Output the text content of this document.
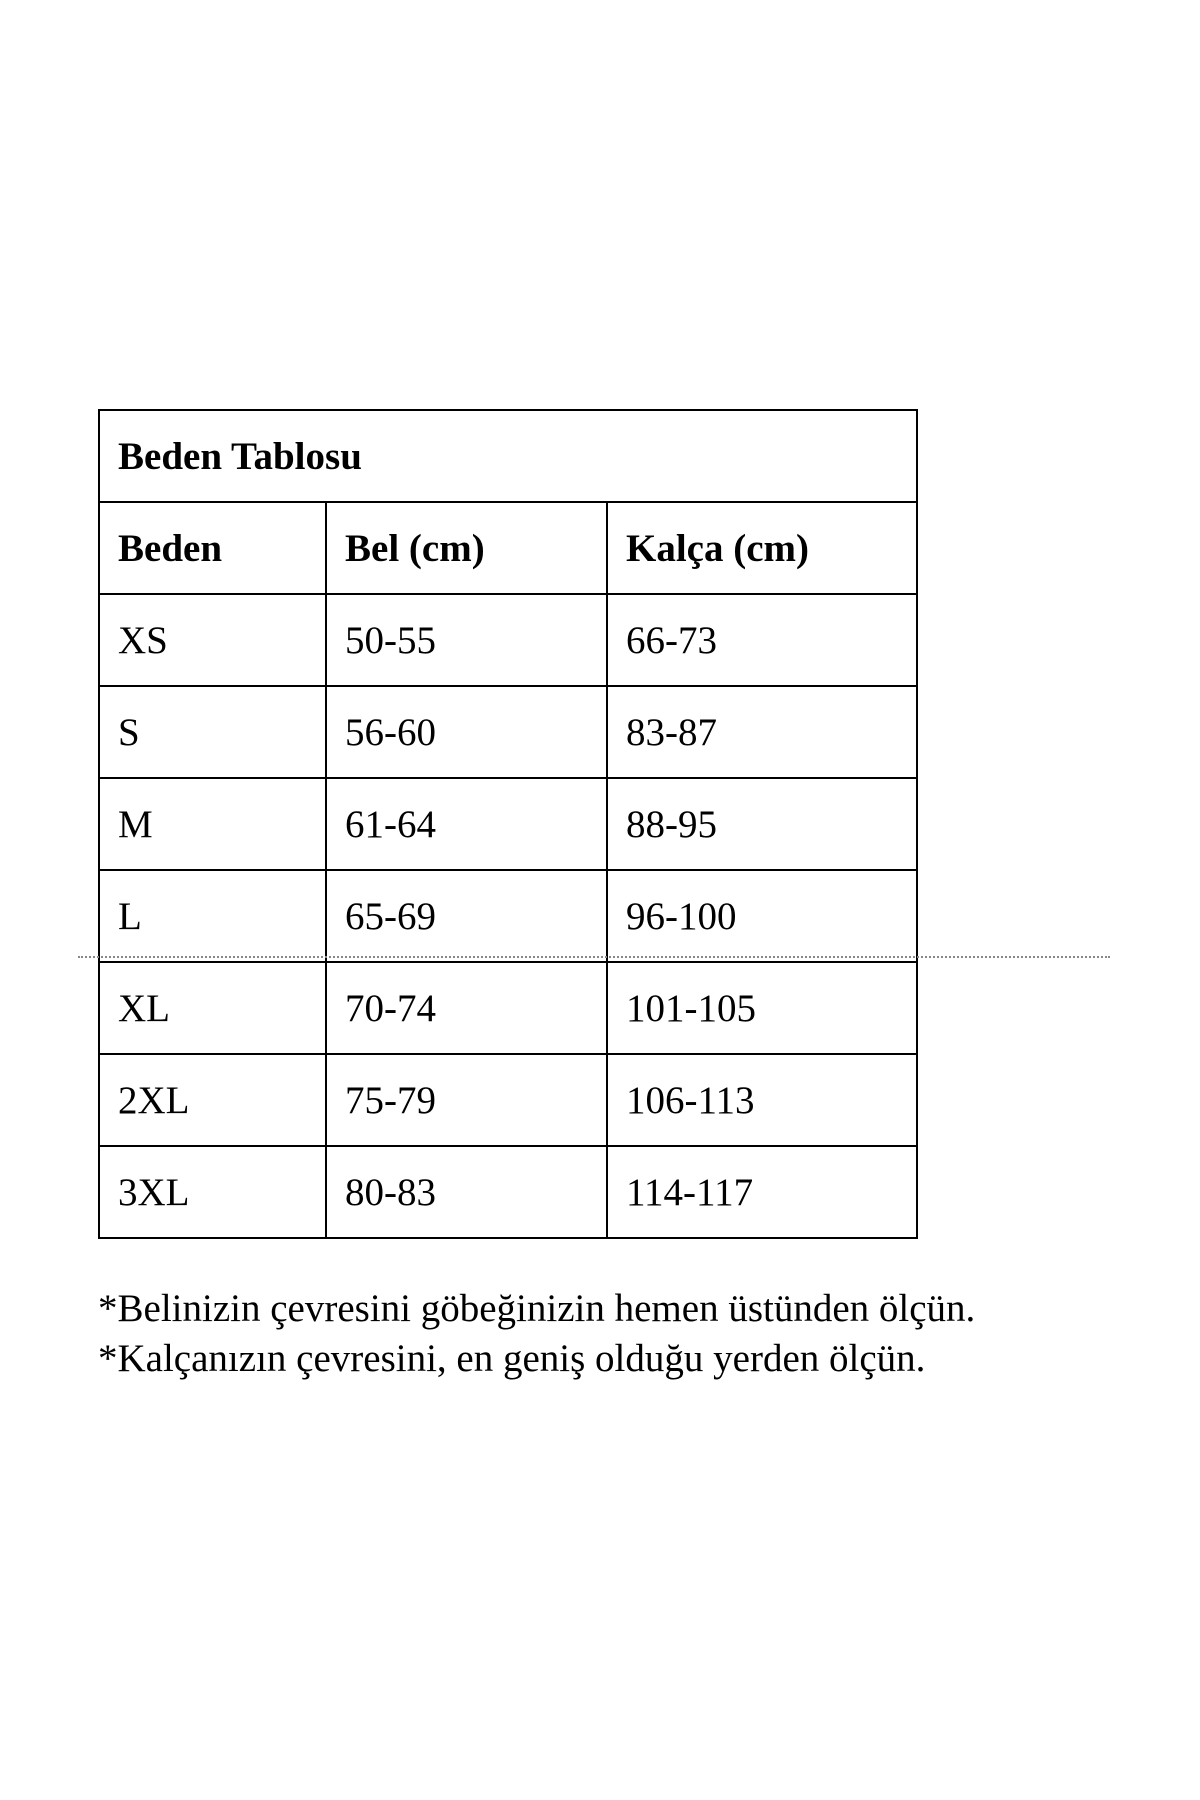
Beden Tablosu		
Beden	Bel (cm)	Kalça (cm)
XS	50-55	66-73
S	56-60	83-87
M	61-64	88-95
L	65-69	96-100
XL	70-74	101-105
2XL	75-79	106-113
3XL	80-83	114-117

*Belinizin çevresini göbeğinizin hemen üstünden ölçün.

*Kalçanızın çevresini, en geniş olduğu yerden ölçün.
